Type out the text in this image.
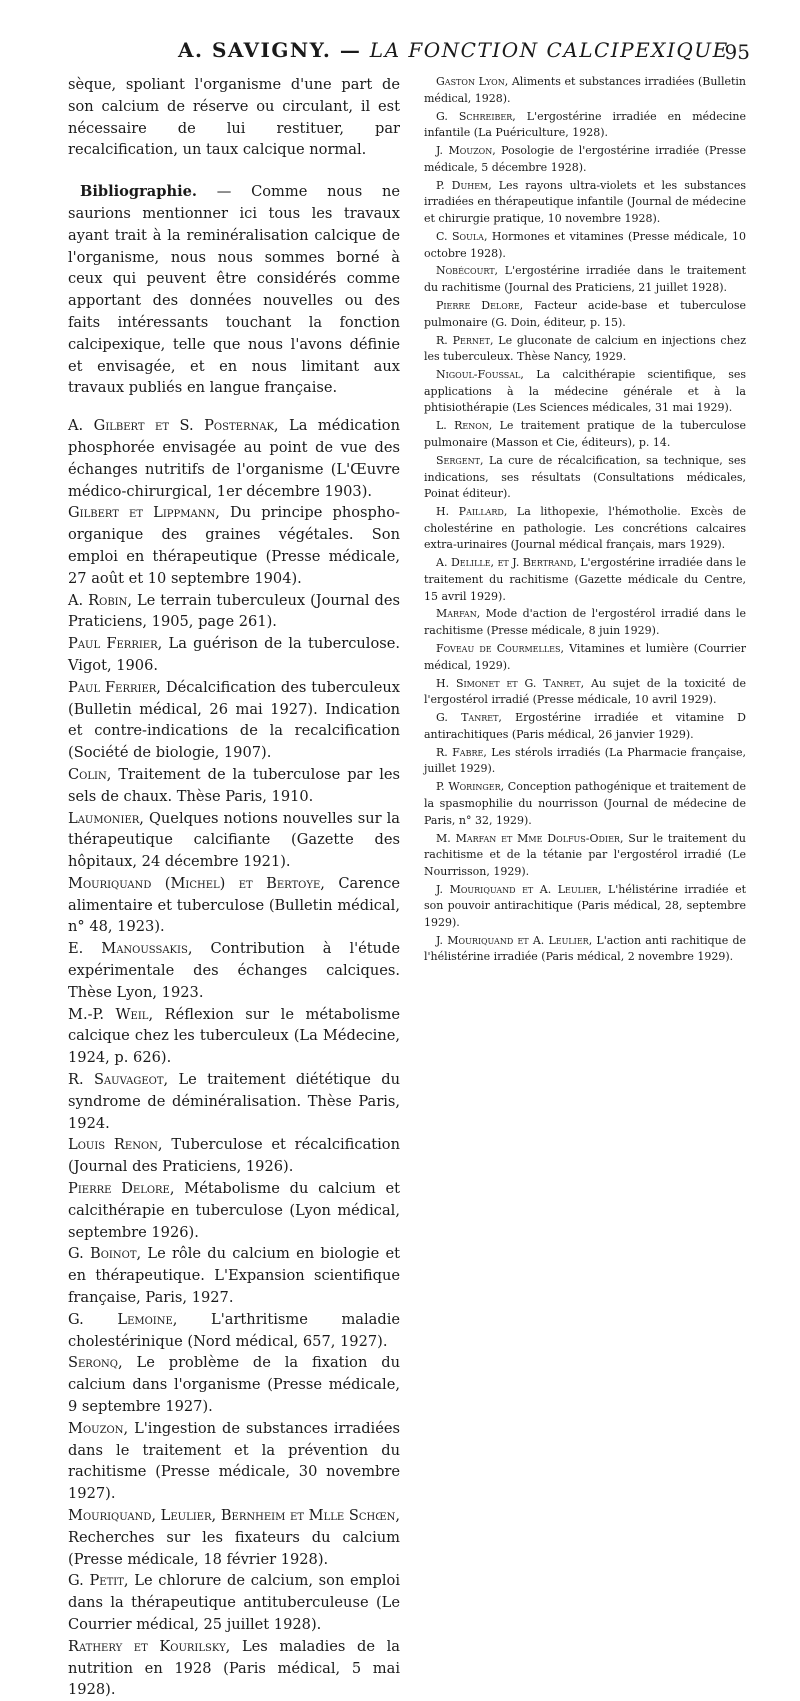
A. SAVIGNY. — LA FONCTION CALCIPEXIQUE
95

sèque, spoliant l'organisme d'une part de son calcium de réserve ou circulant, il est nécessaire de lui restituer, par recalcification, un taux calcique normal.

Bibliographie. — Comme nous ne saurions mentionner ici tous les travaux ayant trait à la reminéralisation calcique de l'organisme, nous nous sommes borné à ceux qui peuvent être considérés comme apportant des données nouvelles ou des faits intéressants touchant la fonction calcipexique, telle que nous l'avons définie et envisagée, et en nous limitant aux travaux publiés en langue française.

A. Gilbert et S. Posternak, La médication phosphorée envisagée au point de vue des échanges nutritifs de l'organisme (L'Œuvre médico-chirurgical, 1er décembre 1903).

Gilbert et Lippmann, Du principe phospho-organique des graines végétales. Son emploi en thérapeutique (Presse médicale, 27 août et 10 septembre 1904).

A. Robin, Le terrain tuberculeux (Journal des Praticiens, 1905, page 261).

Paul Ferrier, La guérison de la tuberculose. Vigot, 1906.

Paul Ferrier, Décalcification des tuberculeux (Bulletin médical, 26 mai 1927). Indication et contre-indications de la recalcification (Société de biologie, 1907).

Colin, Traitement de la tuberculose par les sels de chaux. Thèse Paris, 1910.

Laumonier, Quelques notions nouvelles sur la thérapeutique calcifiante (Gazette des hôpitaux, 24 décembre 1921).

Mouriquand (Michel) et Bertoye, Carence alimentaire et tuberculose (Bulletin médical, n° 48, 1923).

E. Manoussakis, Contribution à l'étude expérimentale des échanges calciques. Thèse Lyon, 1923.

M.-P. Weil, Réflexion sur le métabolisme calcique chez les tuberculeux (La Médecine, 1924, p. 626).

R. Sauvageot, Le traitement diététique du syndrome de déminéralisation. Thèse Paris, 1924.

Louis Renon, Tuberculose et récalcification (Journal des Praticiens, 1926).

Pierre Delore, Métabolisme du calcium et calcithérapie en tuberculose (Lyon médical, septembre 1926).

G. Boinot, Le rôle du calcium en biologie et en thérapeutique. L'Expansion scientifique française, Paris, 1927.

G. Lemoine, L'arthritisme maladie cholestérinique (Nord médical, 657, 1927).

Seronq, Le problème de la fixation du calcium dans l'organisme (Presse médicale, 9 septembre 1927).

Mouzon, L'ingestion de substances irradiées dans le traitement et la prévention du rachitisme (Presse médicale, 30 novembre 1927).

Mouriquand, Leulier, Bernheim et Mlle Schœn, Recherches sur les fixateurs du calcium (Presse médicale, 18 février 1928).

G. Petit, Le chlorure de calcium, son emploi dans la thérapeutique antituberculeuse (Le Courrier médical, 25 juillet 1928).

Rathery et Kourilsky, Les maladies de la nutrition en 1928 (Paris médical, 5 mai 1928).

Gaston Lyon, Aliments et substances irradiées (Bulletin médical, 1928).

G. Schreiber, L'ergostérine irradiée en médecine infantile (La Puériculture, 1928).

J. Mouzon, Posologie de l'ergostérine irradiée (Presse médicale, 5 décembre 1928).

P. Duhem, Les rayons ultra-violets et les substances irradiées en thérapeutique infantile (Journal de médecine et chirurgie pratique, 10 novembre 1928).

C. Soula, Hormones et vitamines (Presse médicale, 10 octobre 1928).

Nobécourt, L'ergostérine irradiée dans le traitement du rachitisme (Journal des Praticiens, 21 juillet 1928).

Pierre Delore, Facteur acide-base et tuberculose pulmonaire (G. Doin, éditeur, p. 15).

R. Pernet, Le gluconate de calcium en injections chez les tuberculeux. Thèse Nancy, 1929.

Nigoul-Foussal, La calcithérapie scientifique, ses applications à la médecine générale et à la phtisiothérapie (Les Sciences médicales, 31 mai 1929).

L. Renon, Le traitement pratique de la tuberculose pulmonaire (Masson et Cie, éditeurs), p. 14.

Sergent, La cure de récalcification, sa technique, ses indications, ses résultats (Consultations médicales, Poinat éditeur).

H. Paillard, La lithopexie, l'hémotholie. Excès de cholestérine en pathologie. Les concrétions calcaires extra-urinaires (Journal médical français, mars 1929).

A. Delille, et J. Bertrand, L'ergostérine irradiée dans le traitement du rachitisme (Gazette médicale du Centre, 15 avril 1929).

Marfan, Mode d'action de l'ergostérol irradié dans le rachitisme (Presse médicale, 8 juin 1929).

Foveau de Courmelles, Vitamines et lumière (Courrier médical, 1929).

H. Simonet et G. Tanret, Au sujet de la toxicité de l'ergostérol irradié (Presse médicale, 10 avril 1929).

G. Tanret, Ergostérine irradiée et vitamine D antirachitiques (Paris médical, 26 janvier 1929).

R. Fabre, Les stérols irradiés (La Pharmacie française, juillet 1929).

P. Woringer, Conception pathogénique et traitement de la spasmophilie du nourrisson (Journal de médecine de Paris, n° 32, 1929).

M. Marfan et Mme Dolfus-Odier, Sur le traitement du rachitisme et de la tétanie par l'ergostérol irradié (Le Nourrisson, 1929).

J. Mouriquand et A. Leulier, L'hélistérine irradiée et son pouvoir antirachitique (Paris médical, 28, septembre 1929).

J. Mouriquand et A. Leulier, L'action anti rachitique de l'hélistérine irradiée (Paris médical, 2 novembre 1929).
